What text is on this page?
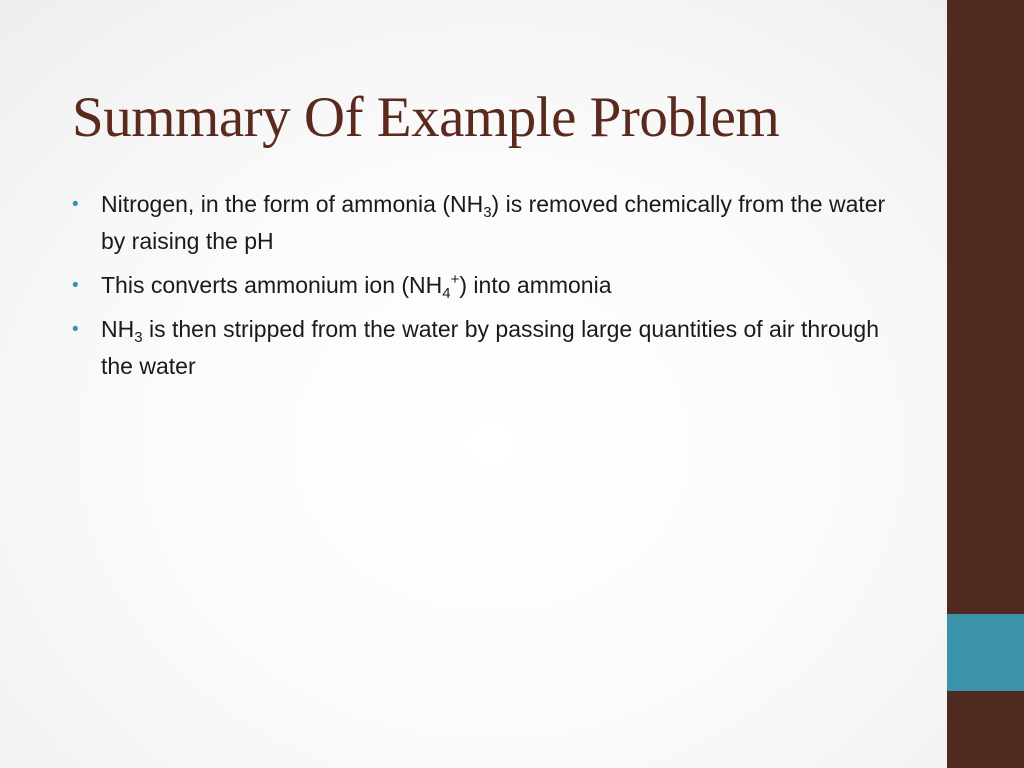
Summary Of Example Problem
• Nitrogen, in the form of ammonia $(NH_3)$ is removed chemically from the water by raising the pH
• This converts ammonium ion $(NH_4^+)$ into ammonia
• $NH_3$ is then stripped from the water by passing large quantities of air through the water
